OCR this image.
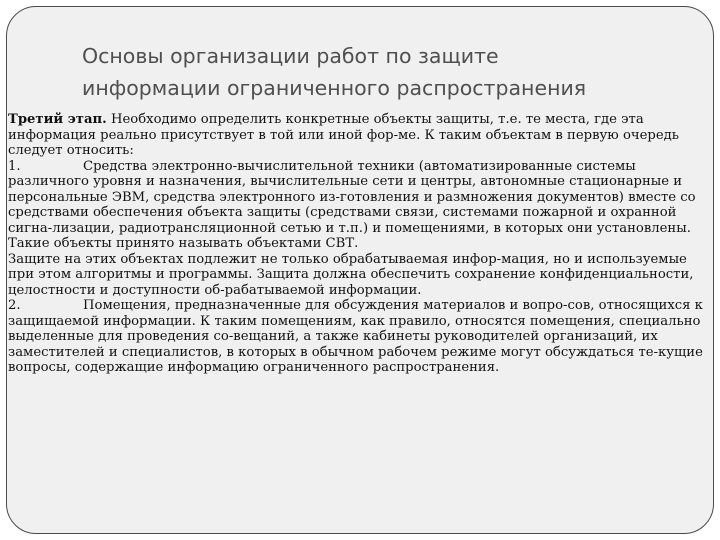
Основы организации работ по защите
информации ограниченного распространения

Третий этап. Необходимо определить конкретные объекты защиты, т.е. те места, где эта информация реально присутствует в той или иной фор-ме. К таким объектам в первую очередь следует относить:

1.	Средства электронно-вычислительной техники (автоматизированные системы различного уровня и назначения, вычислительные сети и центры, автономные стационарные и персональные ЭВМ, средства электронного из-готовления и размножения документов) вместе со средствами обеспечения объекта защиты (средствами связи, системами пожарной и охранной сигна-лизации, радиотрансляционной сетью и т.п.) и помещениями, в которых они установлены. Такие объекты принято называть объектами СВТ.

Защите на этих объектах подлежит не только обрабатываемая инфор-мация, но и используемые при этом алгоритмы и программы. Защита должна обеспечить сохранение конфиденциальности, целостности и доступности об-рабатываемой информации.

2.	Помещения, предназначенные для обсуждения материалов и вопро-сов, относящихся к защищаемой информации. К таким помещениям, как правило, относятся помещения, специально выделенные для проведения со-вещаний, а также кабинеты руководителей организаций, их заместителей и специалистов, в которых в обычном рабочем режиме могут обсуждаться те-кущие вопросы, содержащие информацию ограниченного распространения.
